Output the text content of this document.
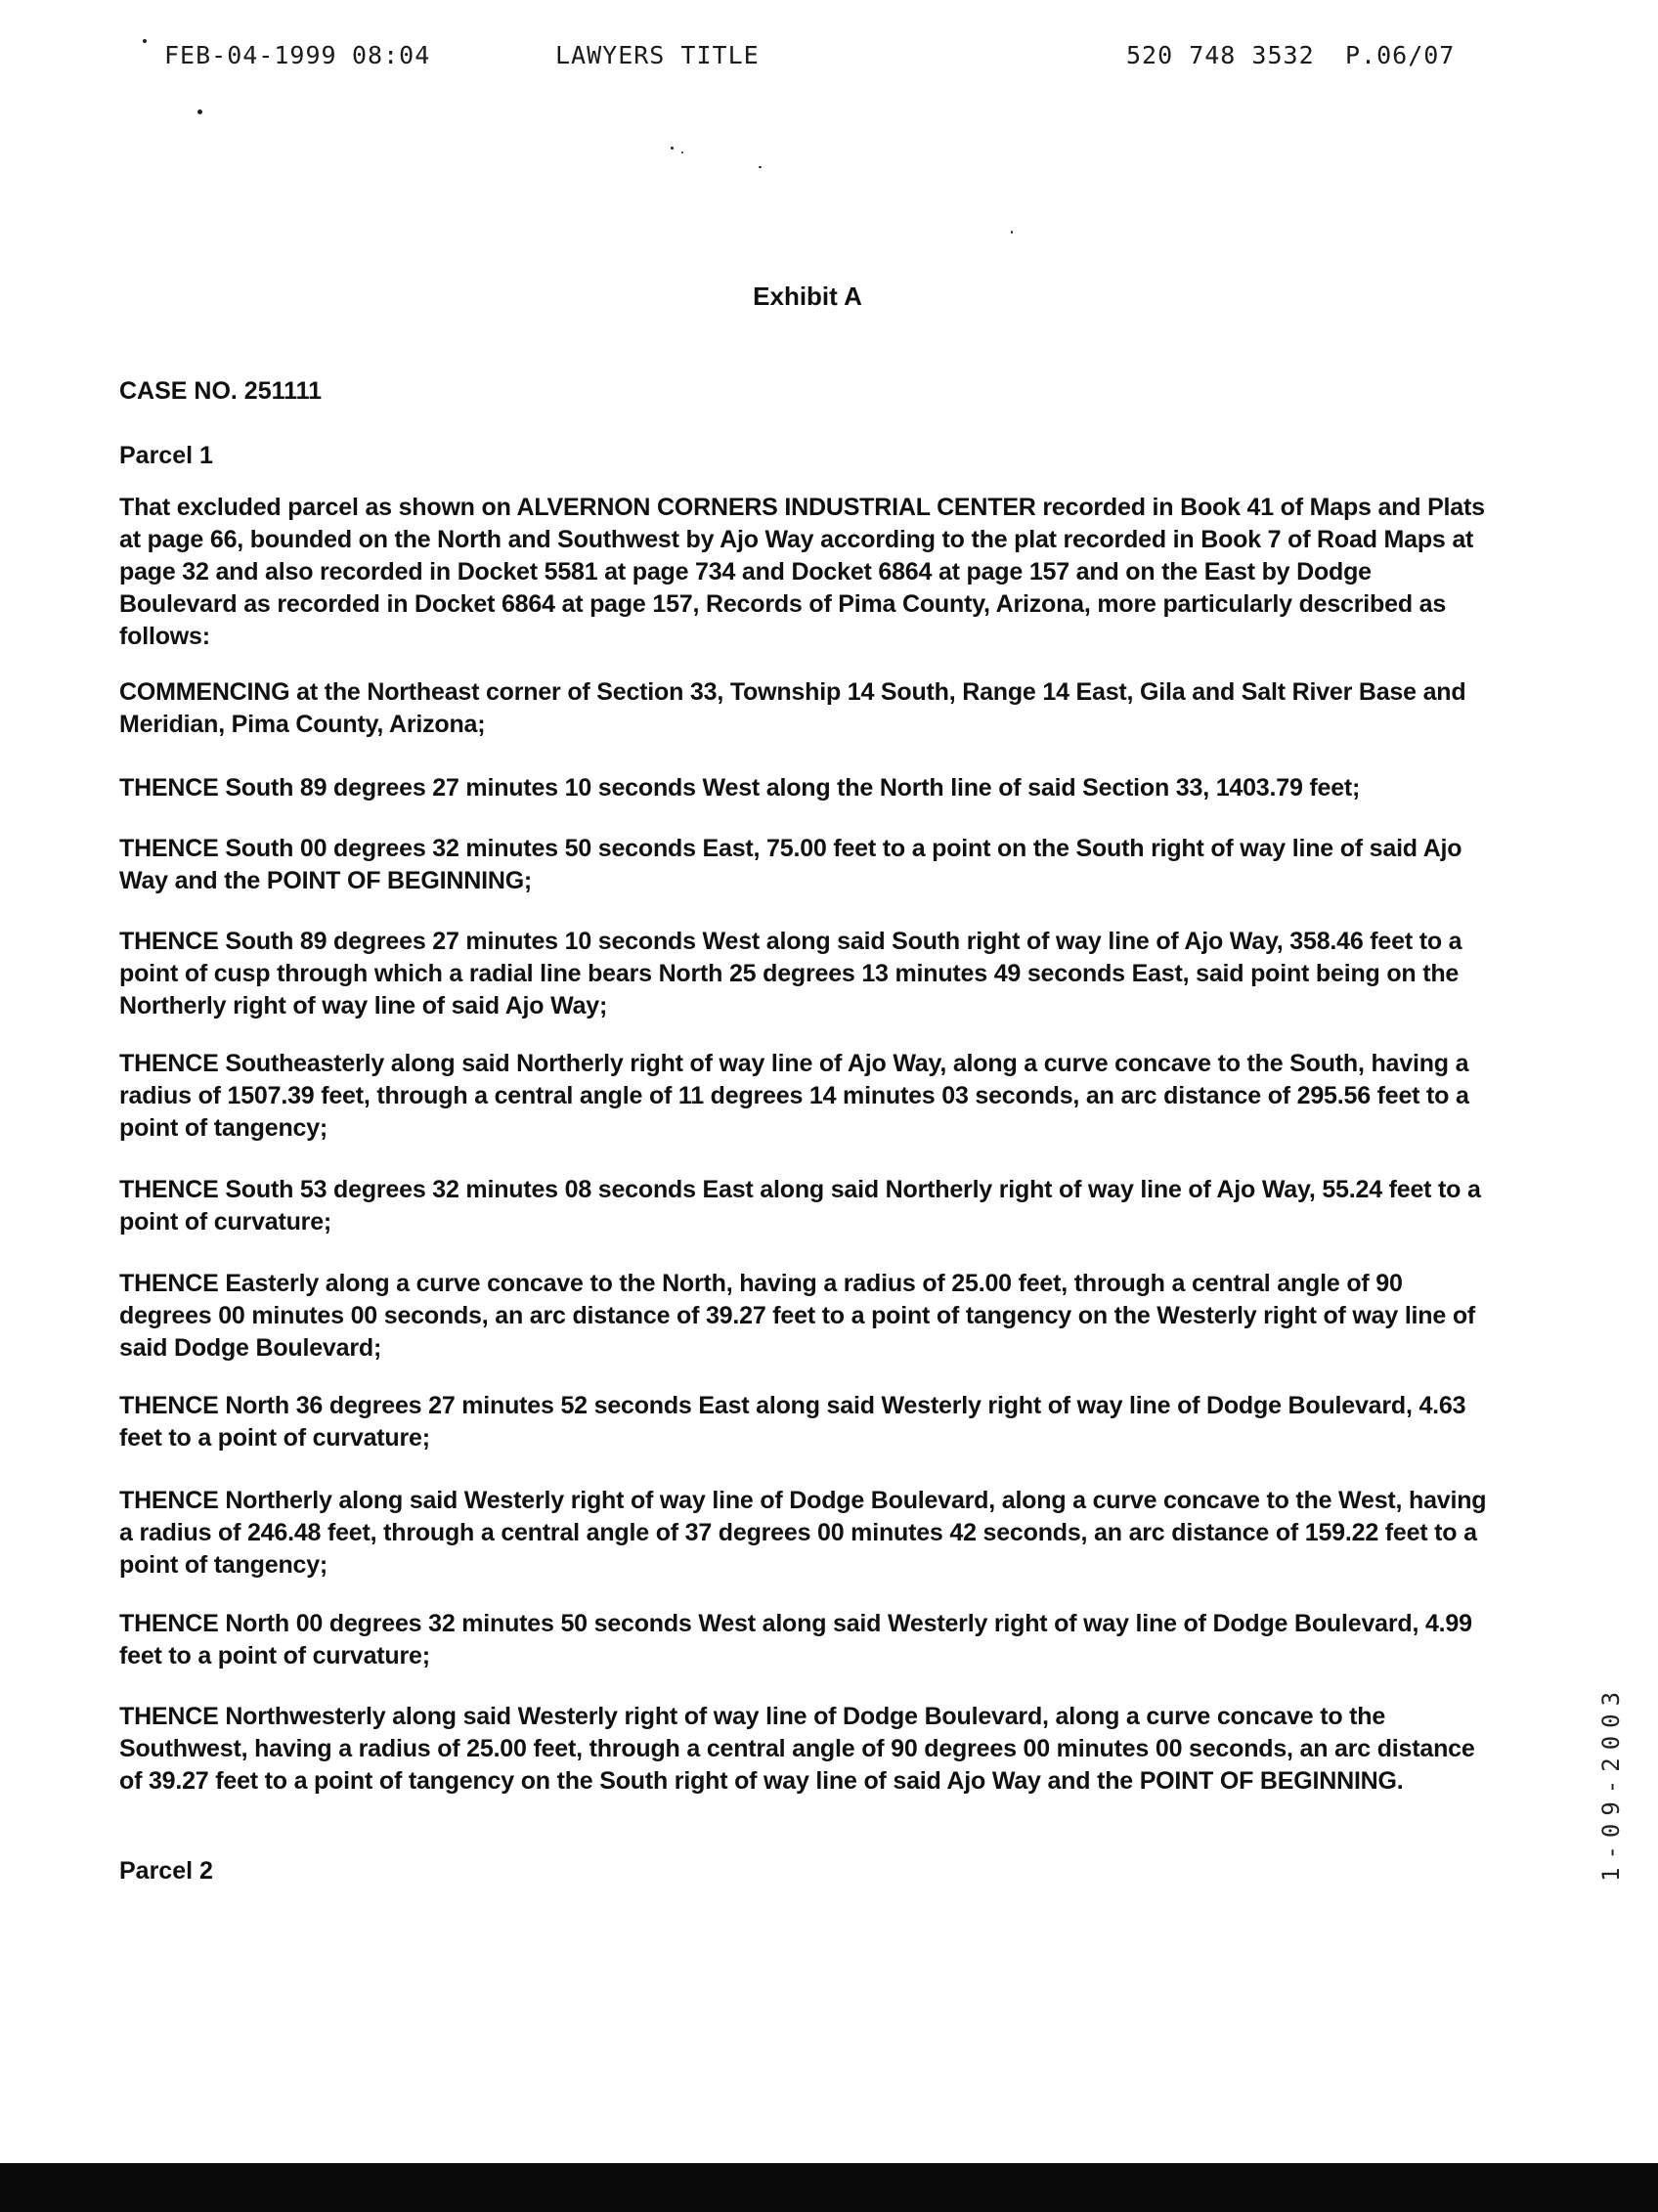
FEB-04-1999 08:04	LAWYERS TITLE	520 748 3532 P.06/07
Exhibit A
CASE NO. 251111
Parcel 1
That excluded parcel as shown on ALVERNON CORNERS INDUSTRIAL CENTER recorded in Book 41 of Maps and Plats at page 66, bounded on the North and Southwest by Ajo Way according to the plat recorded in Book 7 of Road Maps at page 32 and also recorded in Docket 5581 at page 734 and Docket 6864 at page 157 and on the East by Dodge Boulevard as recorded in Docket 6864 at page 157, Records of Pima County, Arizona, more particularly described as follows:
COMMENCING at the Northeast corner of Section 33, Township 14 South, Range 14 East, Gila and Salt River Base and Meridian, Pima County, Arizona;
THENCE South 89 degrees 27 minutes 10 seconds West along the North line of said Section 33, 1403.79 feet;
THENCE South 00 degrees 32 minutes 50 seconds East, 75.00 feet to a point on the South right of way line of said Ajo Way and the POINT OF BEGINNING;
THENCE South 89 degrees 27 minutes 10 seconds West along said South right of way line of Ajo Way, 358.46 feet to a point of cusp through which a radial line bears North 25 degrees 13 minutes 49 seconds East, said point being on the Northerly right of way line of said Ajo Way;
THENCE Southeasterly along said Northerly right of way line of Ajo Way, along a curve concave to the South, having a radius of 1507.39 feet, through a central angle of 11 degrees 14 minutes 03 seconds, an arc distance of 295.56 feet to a point of tangency;
THENCE South 53 degrees 32 minutes 08 seconds East along said Northerly right of way line of Ajo Way, 55.24 feet to a point of curvature;
THENCE Easterly along a curve concave to the North, having a radius of 25.00 feet, through a central angle of 90 degrees 00 minutes 00 seconds, an arc distance of 39.27 feet to a point of tangency on the Westerly right of way line of said Dodge Boulevard;
THENCE North 36 degrees 27 minutes 52 seconds East along said Westerly right of way line of Dodge Boulevard, 4.63 feet to a point of curvature;
THENCE Northerly along said Westerly right of way line of Dodge Boulevard, along a curve concave to the West, having a radius of 246.48 feet, through a central angle of 37 degrees 00 minutes 42 seconds, an arc distance of 159.22 feet to a point of tangency;
THENCE North 00 degrees 32 minutes 50 seconds West along said Westerly right of way line of Dodge Boulevard, 4.99 feet to a point of curvature;
THENCE Northwesterly along said Westerly right of way line of Dodge Boulevard, along a curve concave to the Southwest, having a radius of 25.00 feet, through a central angle of 90 degrees 00 minutes 00 seconds, an arc distance of 39.27 feet to a point of tangency on the South right of way line of said Ajo Way and the POINT OF BEGINNING.
Parcel 2	1-09-2003
